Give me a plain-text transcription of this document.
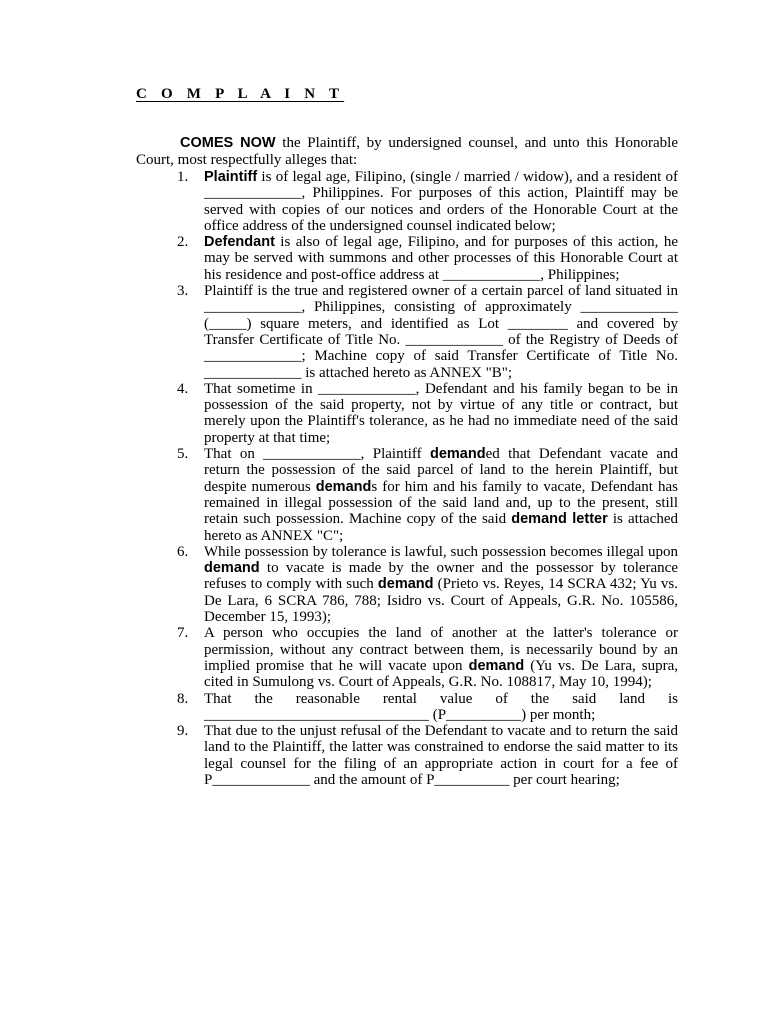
C O M P L A I N T

COMES NOW the Plaintiff, by undersigned counsel, and unto this Honorable Court, most respectfully alleges that:

1. Plaintiff is of legal age, Filipino, (single / married / widow), and a resident of _____________, Philippines. For purposes of this action, Plaintiff may be served with copies of our notices and orders of the Honorable Court at the office address of the undersigned counsel indicated below;
2. Defendant is also of legal age, Filipino, and for purposes of this action, he may be served with summons and other processes of this Honorable Court at his residence and post-office address at _____________, Philippines;
3. Plaintiff is the true and registered owner of a certain parcel of land situated in _____________, Philippines, consisting of approximately _____________ (_____) square meters, and identified as Lot ________ and covered by Transfer Certificate of Title No. _____________ of the Registry of Deeds of _____________; Machine copy of said Transfer Certificate of Title No. _____________ is attached hereto as ANNEX "B";
4. That sometime in _____________, Defendant and his family began to be in possession of the said property, not by virtue of any title or contract, but merely upon the Plaintiff's tolerance, as he had no immediate need of the said property at that time;
5. That on _____________, Plaintiff demanded that Defendant vacate and return the possession of the said parcel of land to the herein Plaintiff, but despite numerous demands for him and his family to vacate, Defendant has remained in illegal possession of the said land and, up to the present, still retain such possession. Machine copy of the said demand letter is attached hereto as ANNEX "C";
6. While possession by tolerance is lawful, such possession becomes illegal upon demand to vacate is made by the owner and the possessor by tolerance refuses to comply with such demand (Prieto vs. Reyes, 14 SCRA 432; Yu vs. De Lara, 6 SCRA 786, 788; Isidro vs. Court of Appeals, G.R. No. 105586, December 15, 1993);
7. A person who occupies the land of another at the latter's tolerance or permission, without any contract between them, is necessarily bound by an implied promise that he will vacate upon demand (Yu vs. De Lara, supra, cited in Sumulong vs. Court of Appeals, G.R. No. 108817, May 10, 1994);
8. That the reasonable rental value of the said land is ______________________________ (P__________) per month;
9. That due to the unjust refusal of the Defendant to vacate and to return the said land to the Plaintiff, the latter was constrained to endorse the said matter to its legal counsel for the filing of an appropriate action in court for a fee of P_____________ and the amount of P__________ per court hearing;
